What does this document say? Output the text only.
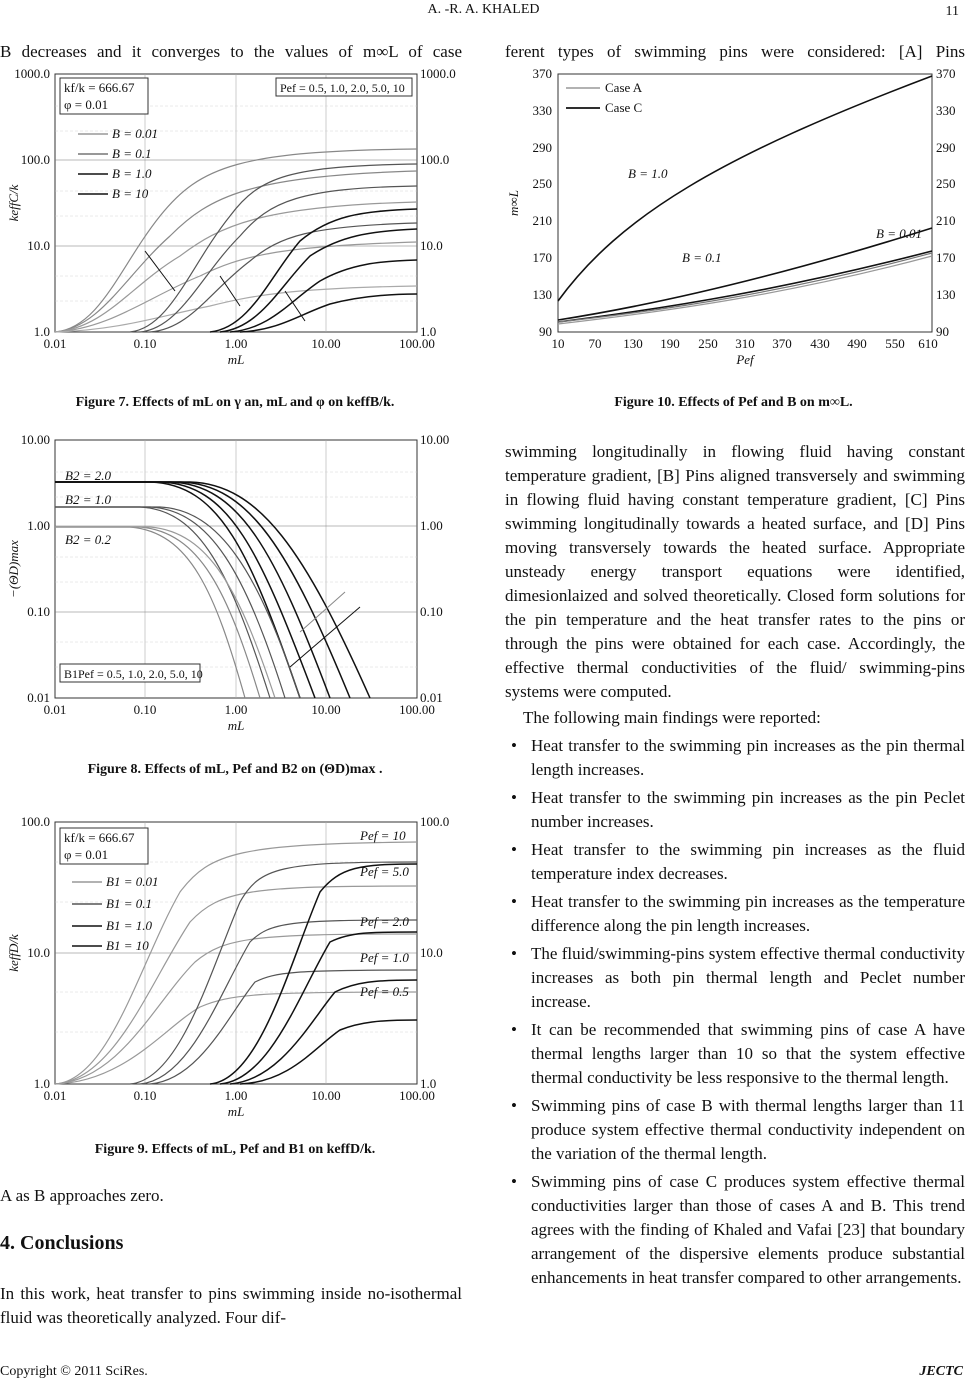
A. -R. A. KHALED	11
B decreases and it converges to the values of m∞L of case
kf/k = 666.67
φ = 0.01
Pef = 0.5, 1.0, 2.0, 5.0, 10
B = 0.01
B = 0.1
B = 1.0
B = 10
1.0
10.0
100.0
1000.0
1.0
10.0
100.0
1000.0
0.01	0.10	1.00	10.00	100.00
mL
keffC/k
Figure 7. Effects of mL on γ an, mL and φ on keffB/k.
B2 = 2.0
B2 = 1.0
B2 = 0.2
B1Pef = 0.5, 1.0, 2.0, 5.0, 10
0.01
0.10
1.00
10.00
0.01
0.10
1.00
10.00
0.01	0.10	1.00	10.00	100.00
mL
−(ΘD)max
Figure 8. Effects of mL, Pef and B2 on (ΘD)max .
kf/k = 666.67
φ = 0.01
B1 = 0.01
B1 = 0.1
B1 = 1.0
B1 = 10
Pef = 10
Pef = 5.0
Pef = 2.0
Pef = 1.0
Pef = 0.5
1.0
10.0
100.0
1.0
10.0
100.0
0.01	0.10	1.00	10.00	100.00
mL
keffD/k
Figure 9. Effects of mL, Pef and B1 on keffD/k.
A as B approaches zero.
4. Conclusions
In this work, heat transfer to pins swimming inside no-isothermal fluid was theoretically analyzed. Four dif-
ferent types of swimming pins were considered: [A] Pins
Case A
Case C
B = 1.0
B = 0.1
B = 0.01
90
130
170
210
250
290
330
370
90
130
170
210
250
290
330
370
10 70 130 190 250 310 370 430 490 550 610
Pef
m∞L
Figure 10. Effects of Pef and B on m∞L.
swimming longitudinally in flowing fluid having constant temperature gradient, [B] Pins aligned transversely and swimming in flowing fluid having constant temperature gradient, [C] Pins swimming longitudinally towards a heated surface, and [D] Pins moving transversely towards the heated surface. Appropriate unsteady energy transport equations were identified, dimesionlaized and solved theoretically. Closed form solutions for the pin temperature and the heat transfer rates to the pins or through the pins were obtained for each case. Accordingly, the effective thermal conductivities of the fluid/ swimming-pins systems were computed.
The following main findings were reported:
• Heat transfer to the swimming pin increases as the pin thermal length increases.
• Heat transfer to the swimming pin increases as the pin Peclet number increases.
• Heat transfer to the swimming pin increases as the fluid temperature index decreases.
• Heat transfer to the swimming pin increases as the temperature difference along the pin length increases.
• The fluid/swimming-pins system effective thermal conductivity increases as both pin thermal length and Peclet number increase.
• It can be recommended that swimming pins of case A have thermal lengths larger than 10 so that the system effective thermal conductivity be less responsive to the thermal length.
• Swimming pins of case B with thermal lengths larger than 11 produce system effective thermal conductivity independent on the variation of the thermal length.
• Swimming pins of case C produces system effective thermal conductivities larger than those of cases A and B. This trend agrees with the finding of Khaled and Vafai [23] that boundary arrangement of the dispersive elements produce substantial enhancements in heat transfer compared to other arrangements.
Copyright © 2011 SciRes.	JECTC
